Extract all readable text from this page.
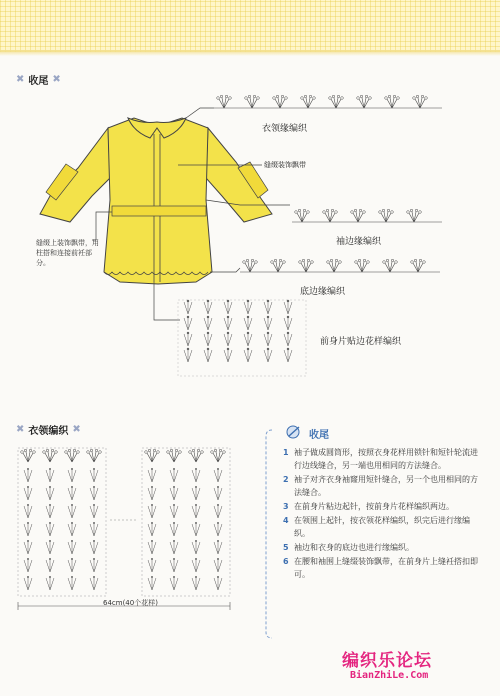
✖ 收尾 ✖
衣领缘编织
缝缀装饰飘带
袖边缘编织
底边缘编织
前身片贴边花样编织
缝缀上装饰飘带，用柱搭和连接前衽部分。
✖ 衣领编织 ✖
64cm(40个花样)
收尾
1 袖子做成圆筒形，按照衣身花样用锁针和短针轮流进行边线缝合，另一端也用相同的方法缝合。
2 袖子对齐衣身袖窿用短针缝合，另一个也用相同的方法缝合。
3 在前身片粘边起针，按前身片花样编织两边。
4 在领围上起针，按衣领花样编织，织完后进行缘编织。
5 袖边和衣身的底边也进行缘编织。
6 在腰和袖围上缝缀装饰飘带，在前身片上缝衽搭扣即可。
编织乐论坛
BianZhiLe.Com
